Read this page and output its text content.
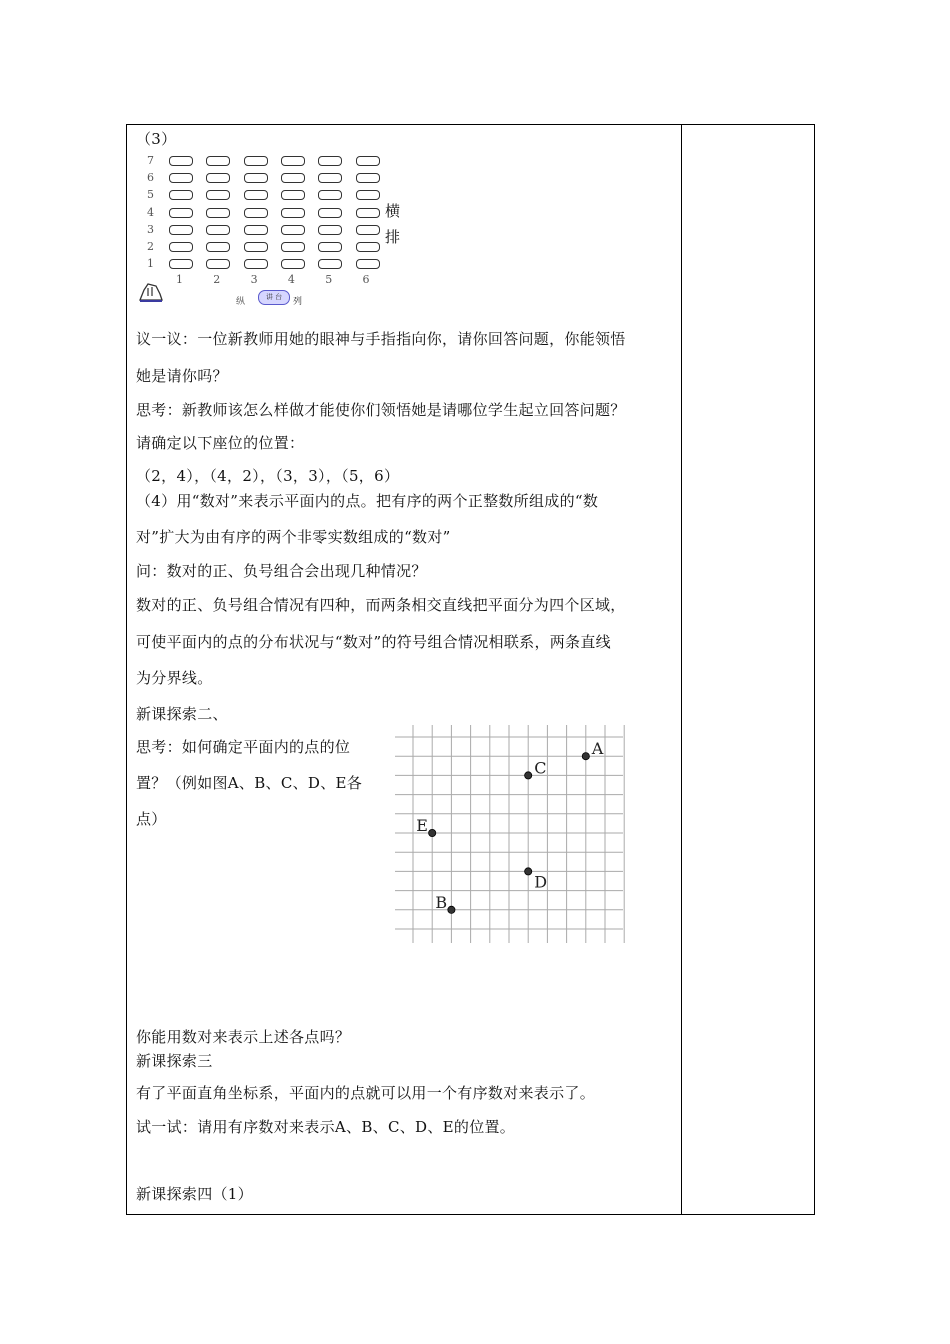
（3）
7
6
5
4
3
2
1
1	2	3	4	5	6
横
排
纵	讲 台	列
议一议：一位新教师用她的眼神与手指指向你，请你回答问题，你能领悟
她是请你吗？
思考：新教师该怎么样做才能使你们领悟她是请哪位学生起立回答问题？
请确定以下座位的位置：
（2，4），（4，2），（3，3），（5，6）
（4）用“数对”来表示平面内的点。把有序的两个正整数所组成的“数
对”扩大为由有序的两个非零实数组成的“数对”
问：数对的正、负号组合会出现几种情况？
数对的正、负号组合情况有四种，而两条相交直线把平面分为四个区域，
可使平面内的点的分布状况与“数对”的符号组合情况相联系，两条直线
为分界线。
新课探索二、
思考：如何确定平面内的点的位
置？（例如图A、B、C、D、E各
点）
A
C
E
D
B
你能用数对来表示上述各点吗？
新课探索三
有了平面直角坐标系，平面内的点就可以用一个有序数对来表示了。
试一试：请用有序数对来表示A、B、C、D、E的位置。
新课探索四（1）
